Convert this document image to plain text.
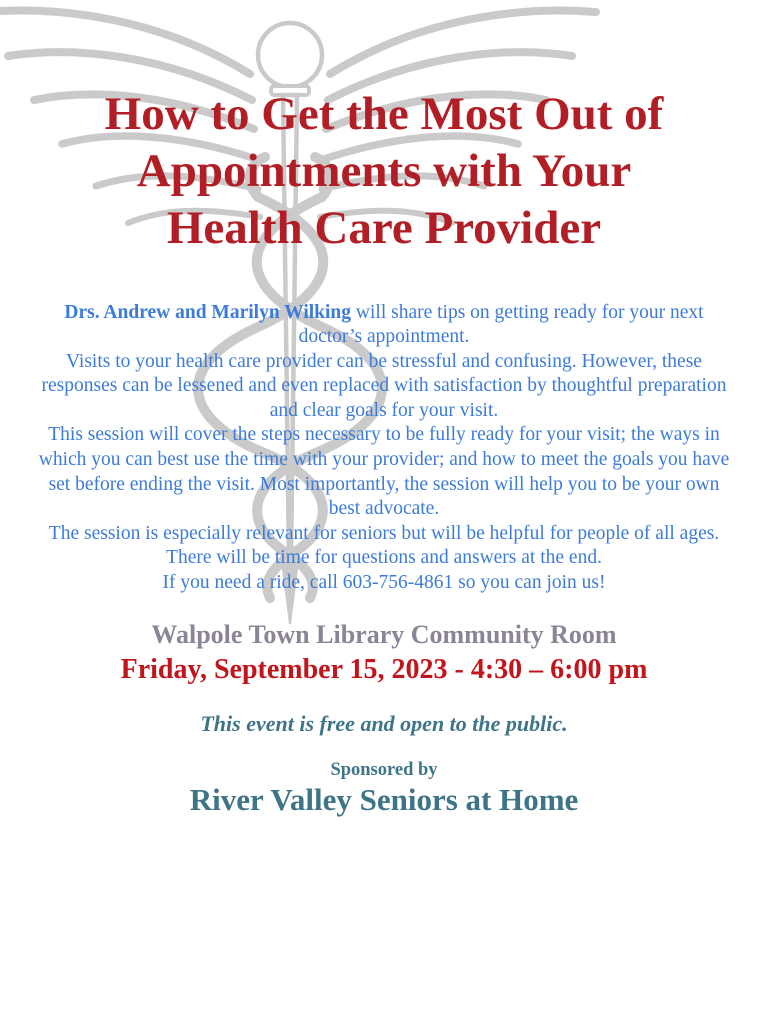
How to Get the Most Out of
Appointments with Your
Health Care Provider

Drs. Andrew and Marilyn Wilking will share tips on getting ready for your next doctor’s appointment.

Visits to your health care provider can be stressful and confusing. However, these responses can be lessened and even replaced with satisfaction by thoughtful preparation and clear goals for your visit.

This session will cover the steps necessary to be fully ready for your visit; the ways in which you can best use the time with your provider; and how to meet the goals you have set before ending the visit. Most importantly, the session will help you to be your own best advocate.

The session is especially relevant for seniors but will be helpful for people of all ages. There will be time for questions and answers at the end.

If you need a ride, call 603-756-4861 so you can join us!

Walpole Town Library Community Room
Friday, September 15, 2023 - 4:30 – 6:00 pm
This event is free and open to the public.
Sponsored by
River Valley Seniors at Home
